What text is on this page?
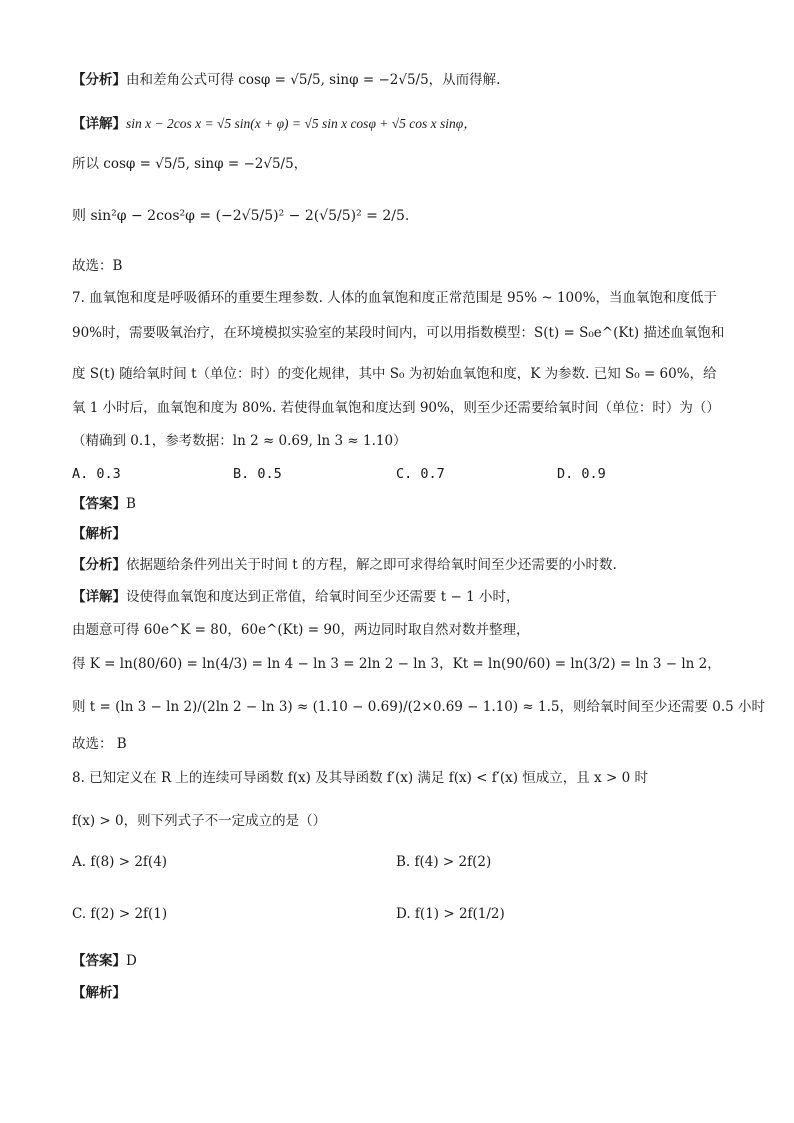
【分析】由和差角公式可得 cosφ = √5/5, sinφ = −2√5/5，从而得解.
【详解】sin x − 2cos x = √5 sin(x + φ) = √5 sin x cosφ + √5 cos x sinφ，
所以 cosφ = √5/5, sinφ = −2√5/5，
则 sin²φ − 2cos²φ = (−2√5/5)² − 2(√5/5)² = 2/5.
故选：B
7. 血氧饱和度是呼吸循环的重要生理参数. 人体的血氧饱和度正常范围是 95% ~ 100%，当血氧饱和度低于
90%时，需要吸氧治疗，在环境模拟实验室的某段时间内，可以用指数模型：S(t) = S₀e^(Kt) 描述血氧饱和
度 S(t) 随给氧时间 t（单位：时）的变化规律，其中 S₀ 为初始血氧饱和度，K 为参数. 已知 S₀ = 60%，给
氧 1 小时后，血氧饱和度为 80%. 若使得血氧饱和度达到 90%，则至少还需要给氧时间（单位：时）为（）
（精确到 0.1，参考数据：ln 2 ≈ 0.69, ln 3 ≈ 1.10）
A. 0.3	B. 0.5	C. 0.7	D. 0.9
【答案】B
【解析】
【分析】依据题给条件列出关于时间 t 的方程，解之即可求得给氧时间至少还需要的小时数.
【详解】设使得血氧饱和度达到正常值，给氧时间至少还需要 t − 1 小时，
由题意可得 60e^K = 80，60e^(Kt) = 90，两边同时取自然对数并整理，
得 K = ln(80/60) = ln(4/3) = ln 4 − ln 3 = 2ln 2 − ln 3，Kt = ln(90/60) = ln(3/2) = ln 3 − ln 2，
则 t = (ln 3 − ln 2)/(2ln 2 − ln 3) ≈ (1.10 − 0.69)/(2×0.69 − 1.10) ≈ 1.5，则给氧时间至少还需要 0.5 小时
故选： B
8. 已知定义在 R 上的连续可导函数 f(x) 及其导函数 f′(x) 满足 f(x) < f′(x) 恒成立，且 x > 0 时
f(x) > 0，则下列式子不一定成立的是（）
A. f(8) > 2f(4)	B. f(4) > 2f(2)
C. f(2) > 2f(1)	D. f(1) > 2f(1/2)
【答案】D
【解析】
